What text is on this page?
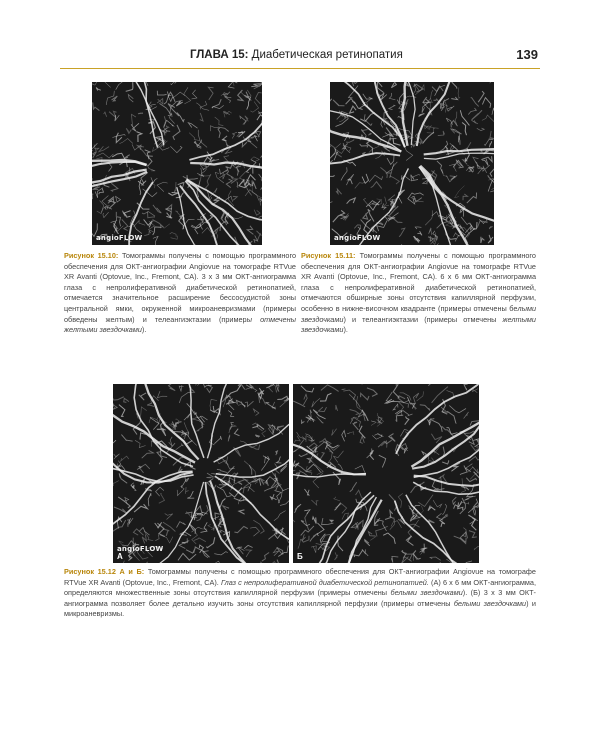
ГЛАВА 15: Диабетическая ретинопатия	139
angioFLOW
Рисунок 15.10: Томограммы получены с помощью программного обеспечения для ОКТ-ангиографии Angiovue на томографе RTVue XR Avanti (Optovue, Inc., Fremont, CA). 3 х 3 мм ОКТ-ангиограмма глаза с непролиферативной диабетической ретинопатией, отмечается значительное расширение бессосудистой зоны центральной ямки, окруженной микроаневризмами (примеры обведены желтым) и телеангиэктазии (примеры отмечены желтыми звездочками).
angioFLOW
Рисунок 15.11: Томограммы получены с помощью программного обеспечения для ОКТ-ангиографии Angiovue на томографе RTVue XR Avanti (Optovue, Inc., Fremont, CA). 6 х 6 мм ОКТ-ангиограмма глаза с непролиферативной диабетической ретинопатией, отмечаются обширные зоны отсутствия капиллярной перфузии, особенно в нижне-височном квадранте (примеры отмечены белыми звездочками) и телеангиэктазии (примеры отмечены желтыми звездочками).
angioFLOW
А	Б
Рисунок 15.12 А и Б: Томограммы получены с помощью программного обеспечения для ОКТ-ангиографии Angiovue на томографе RTVue XR Avanti (Optovue, Inc., Fremont, CA). Глаз с непролиферативной диабетической ретинопатией. (A) 6 х 6 мм ОКТ-ангиограмма, определяются множественные зоны отсутствия капиллярной перфузии (примеры отмечены белыми звездочками). (Б) 3 х 3 мм ОКТ-ангиограмма позволяет более детально изучить зоны отсутствия капиллярной перфузии (примеры отмечены белыми звездочками) и микроаневризмы.
